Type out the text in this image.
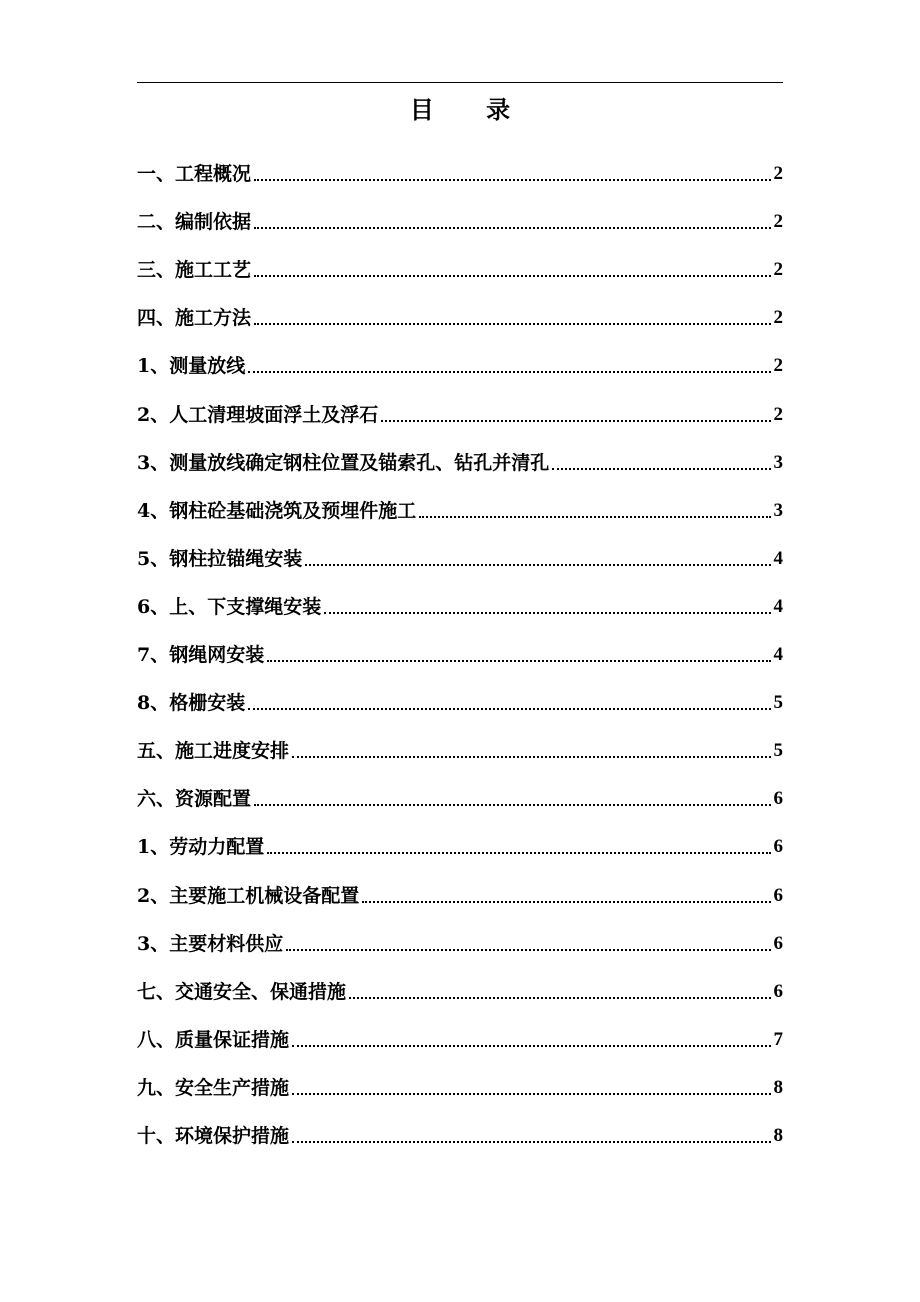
目 录
一、工程概况	2
二、编制依据	2
三、施工工艺	2
四、施工方法	2
1、测量放线	2
2、人工清理坡面浮土及浮石	2
3、测量放线确定钢柱位置及锚索孔、钻孔并清孔	3
4、钢柱砼基础浇筑及预埋件施工	3
5、钢柱拉锚绳安装	4
6、上、下支撑绳安装	4
7、钢绳网安装	4
8、格栅安装	5
五、施工进度安排	5
六、资源配置	6
1、劳动力配置	6
2、主要施工机械设备配置	6
3、主要材料供应	6
七、交通安全、保通措施	6
八、质量保证措施	7
九、安全生产措施	8
十、环境保护措施	8
